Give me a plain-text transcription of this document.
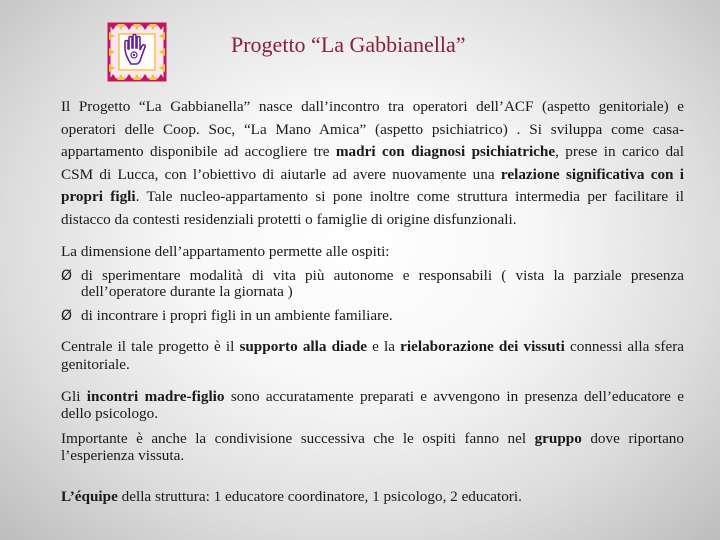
Progetto “La Gabbianella”

Il Progetto “La Gabbianella” nasce dall’incontro tra operatori dell’ACF (aspetto genitoriale) e operatori delle Coop. Soc, “La Mano Amica” (aspetto psichiatrico) . Si sviluppa come casa-appartamento disponibile ad accogliere tre madri con diagnosi psichiatriche, prese in carico dal CSM di Lucca, con l’obiettivo di aiutarle ad avere nuovamente una relazione significativa con i propri figli. Tale nucleo-appartamento si pone inoltre come struttura intermedia per facilitare il distacco da contesti residenziali protetti o famiglie di origine disfunzionali.

La dimensione dell’appartamento permette alle ospiti:

Ø di sperimentare modalità di vita più autonome e responsabili ( vista la parziale presenza dell’operatore durante la giornata )
Ø di incontrare i propri figli in un ambiente familiare.

Centrale il tale progetto è il supporto alla diade e la rielaborazione dei vissuti connessi alla sfera genitoriale.

Gli incontri madre-figlio sono accuratamente preparati e avvengono in presenza dell’educatore e dello psicologo.

Importante è anche la condivisione successiva che le ospiti fanno nel gruppo dove riportano l’esperienza vissuta.

L’équipe della struttura: 1 educatore coordinatore, 1 psicologo, 2 educatori.
